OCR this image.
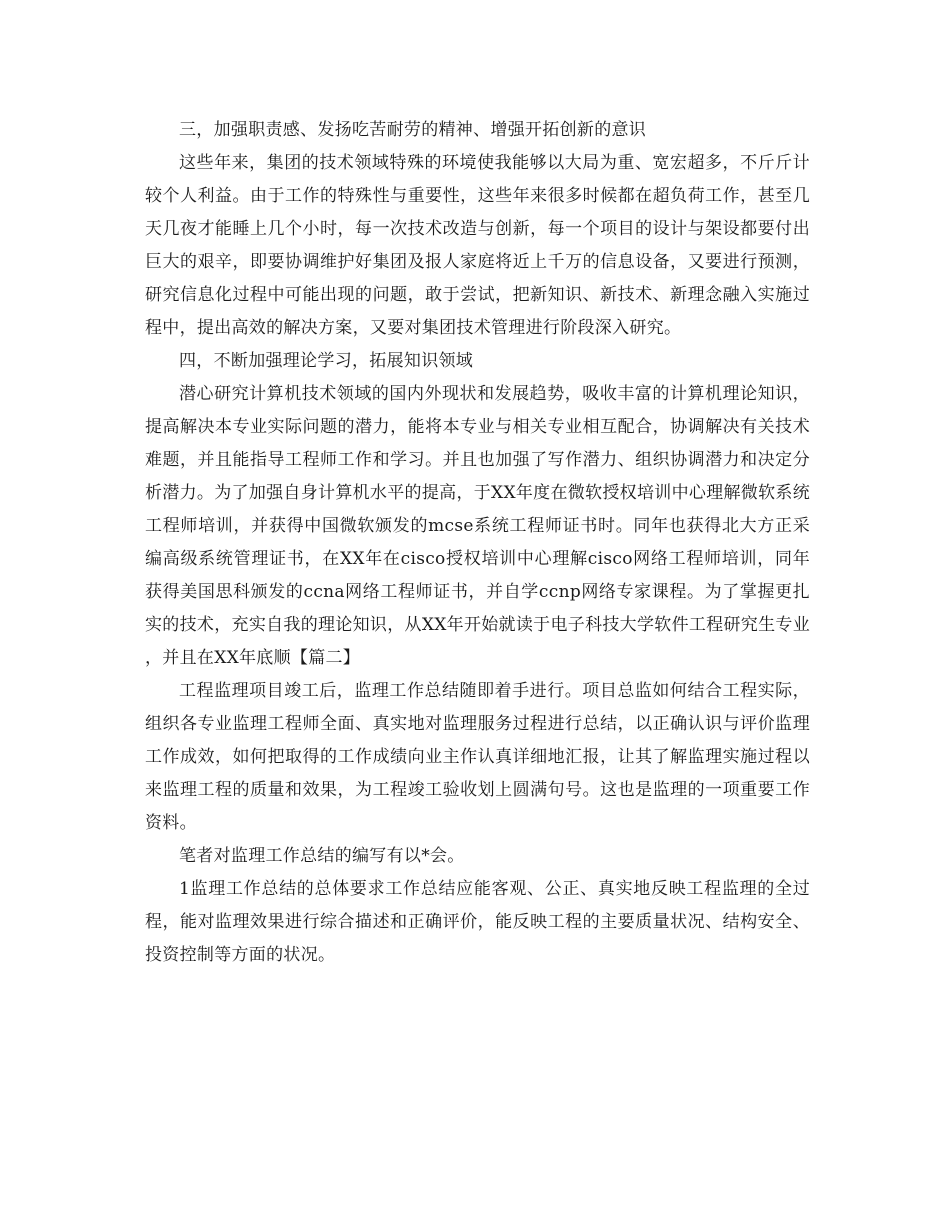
三，加强职责感、发扬吃苦耐劳的精神、增强开拓创新的意识

这些年来，集团的技术领域特殊的环境使我能够以大局为重、宽宏超多，不斤斤计较个人利益。由于工作的特殊性与重要性，这些年来很多时候都在超负荷工作，甚至几天几夜才能睡上几个小时，每一次技术改造与创新，每一个项目的设计与架设都要付出巨大的艰辛，即要协调维护好集团及报人家庭将近上千万的信息设备，又要进行预测，研究信息化过程中可能出现的问题，敢于尝试，把新知识、新技术、新理念融入实施过程中，提出高效的解决方案，又要对集团技术管理进行阶段深入研究。

四，不断加强理论学习，拓展知识领域

潜心研究计算机技术领域的国内外现状和发展趋势，吸收丰富的计算机理论知识，提高解决本专业实际问题的潜力，能将本专业与相关专业相互配合，协调解决有关技术难题，并且能指导工程师工作和学习。并且也加强了写作潜力、组织协调潜力和决定分析潜力。为了加强自身计算机水平的提高，于XX年度在微软授权培训中心理解微软系统工程师培训，并获得中国微软颁发的mcse系统工程师证书时。同年也获得北大方正采编高级系统管理证书，在XX年在cisco授权培训中心理解cisco网络工程师培训，同年获得美国思科颁发的ccna网络工程师证书，并自学ccnp网络专家课程。为了掌握更扎实的技术，充实自我的理论知识，从XX年开始就读于电子科技大学软件工程研究生专业，并且在XX年底顺【篇二】

工程监理项目竣工后，监理工作总结随即着手进行。项目总监如何结合工程实际，组织各专业监理工程师全面、真实地对监理服务过程进行总结，以正确认识与评价监理工作成效，如何把取得的工作成绩向业主作认真详细地汇报，让其了解监理实施过程以来监理工程的质量和效果，为工程竣工验收划上圆满句号。这也是监理的一项重要工作资料。

笔者对监理工作总结的编写有以*会。

1监理工作总结的总体要求工作总结应能客观、公正、真实地反映工程监理的全过程，能对监理效果进行综合描述和正确评价，能反映工程的主要质量状况、结构安全、投资控制等方面的状况。
